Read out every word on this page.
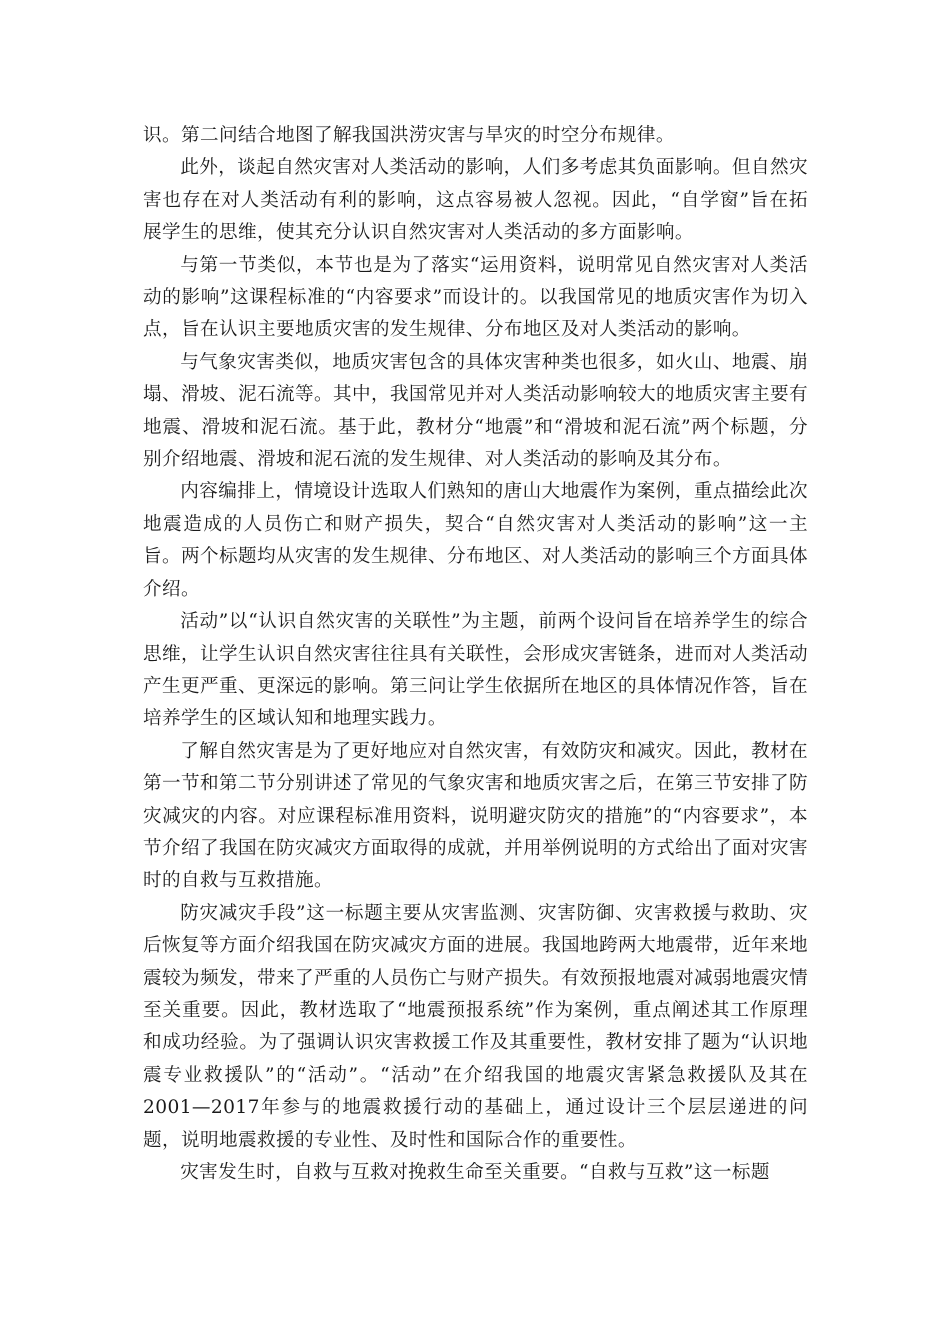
识。第二问结合地图了解我国洪涝灾害与旱灾的时空分布规律。

此外，谈起自然灾害对人类活动的影响，人们多考虑其负面影响。但自然灾害也存在对人类活动有利的影响，这点容易被人忽视。因此，“自学窗”旨在拓展学生的思维，使其充分认识自然灾害对人类活动的多方面影响。

与第一节类似，本节也是为了落实“运用资料，说明常见自然灾害对人类活动的影响”这课程标准的“内容要求”而设计的。以我国常见的地质灾害作为切入点，旨在认识主要地质灾害的发生规律、分布地区及对人类活动的影响。

与气象灾害类似，地质灾害包含的具体灾害种类也很多，如火山、地震、崩塌、滑坡、泥石流等。其中，我国常见并对人类活动影响较大的地质灾害主要有地震、滑坡和泥石流。基于此，教材分“地震”和“滑坡和泥石流”两个标题，分别介绍地震、滑坡和泥石流的发生规律、对人类活动的影响及其分布。

内容编排上，情境设计选取人们熟知的唐山大地震作为案例，重点描绘此次地震造成的人员伤亡和财产损失，契合“自然灾害对人类活动的影响”这一主旨。两个标题均从灾害的发生规律、分布地区、对人类活动的影响三个方面具体介绍。

活动”以“认识自然灾害的关联性”为主题，前两个设问旨在培养学生的综合思维，让学生认识自然灾害往往具有关联性，会形成灾害链条，进而对人类活动产生更严重、更深远的影响。第三问让学生依据所在地区的具体情况作答，旨在培养学生的区域认知和地理实践力。

了解自然灾害是为了更好地应对自然灾害，有效防灾和减灾。因此，教材在第一节和第二节分别讲述了常见的气象灾害和地质灾害之后，在第三节安排了防灾减灾的内容。对应课程标准用资料，说明避灾防灾的措施”的“内容要求”，本节介绍了我国在防灾减灾方面取得的成就，并用举例说明的方式给出了面对灾害时的自救与互救措施。

防灾减灾手段”这一标题主要从灾害监测、灾害防御、灾害救援与救助、灾后恢复等方面介绍我国在防灾减灾方面的进展。我国地跨两大地震带，近年来地震较为频发，带来了严重的人员伤亡与财产损失。有效预报地震对减弱地震灾情至关重要。因此，教材选取了“地震预报系统”作为案例，重点阐述其工作原理和成功经验。为了强调认识灾害救援工作及其重要性，教材安排了题为“认识地震专业救援队”的“活动”。“活动”在介绍我国的地震灾害紧急救援队及其在2001—2017年参与的地震救援行动的基础上，通过设计三个层层递进的问题，说明地震救援的专业性、及时性和国际合作的重要性。

灾害发生时，自救与互救对挽救生命至关重要。“自救与互救”这一标题
